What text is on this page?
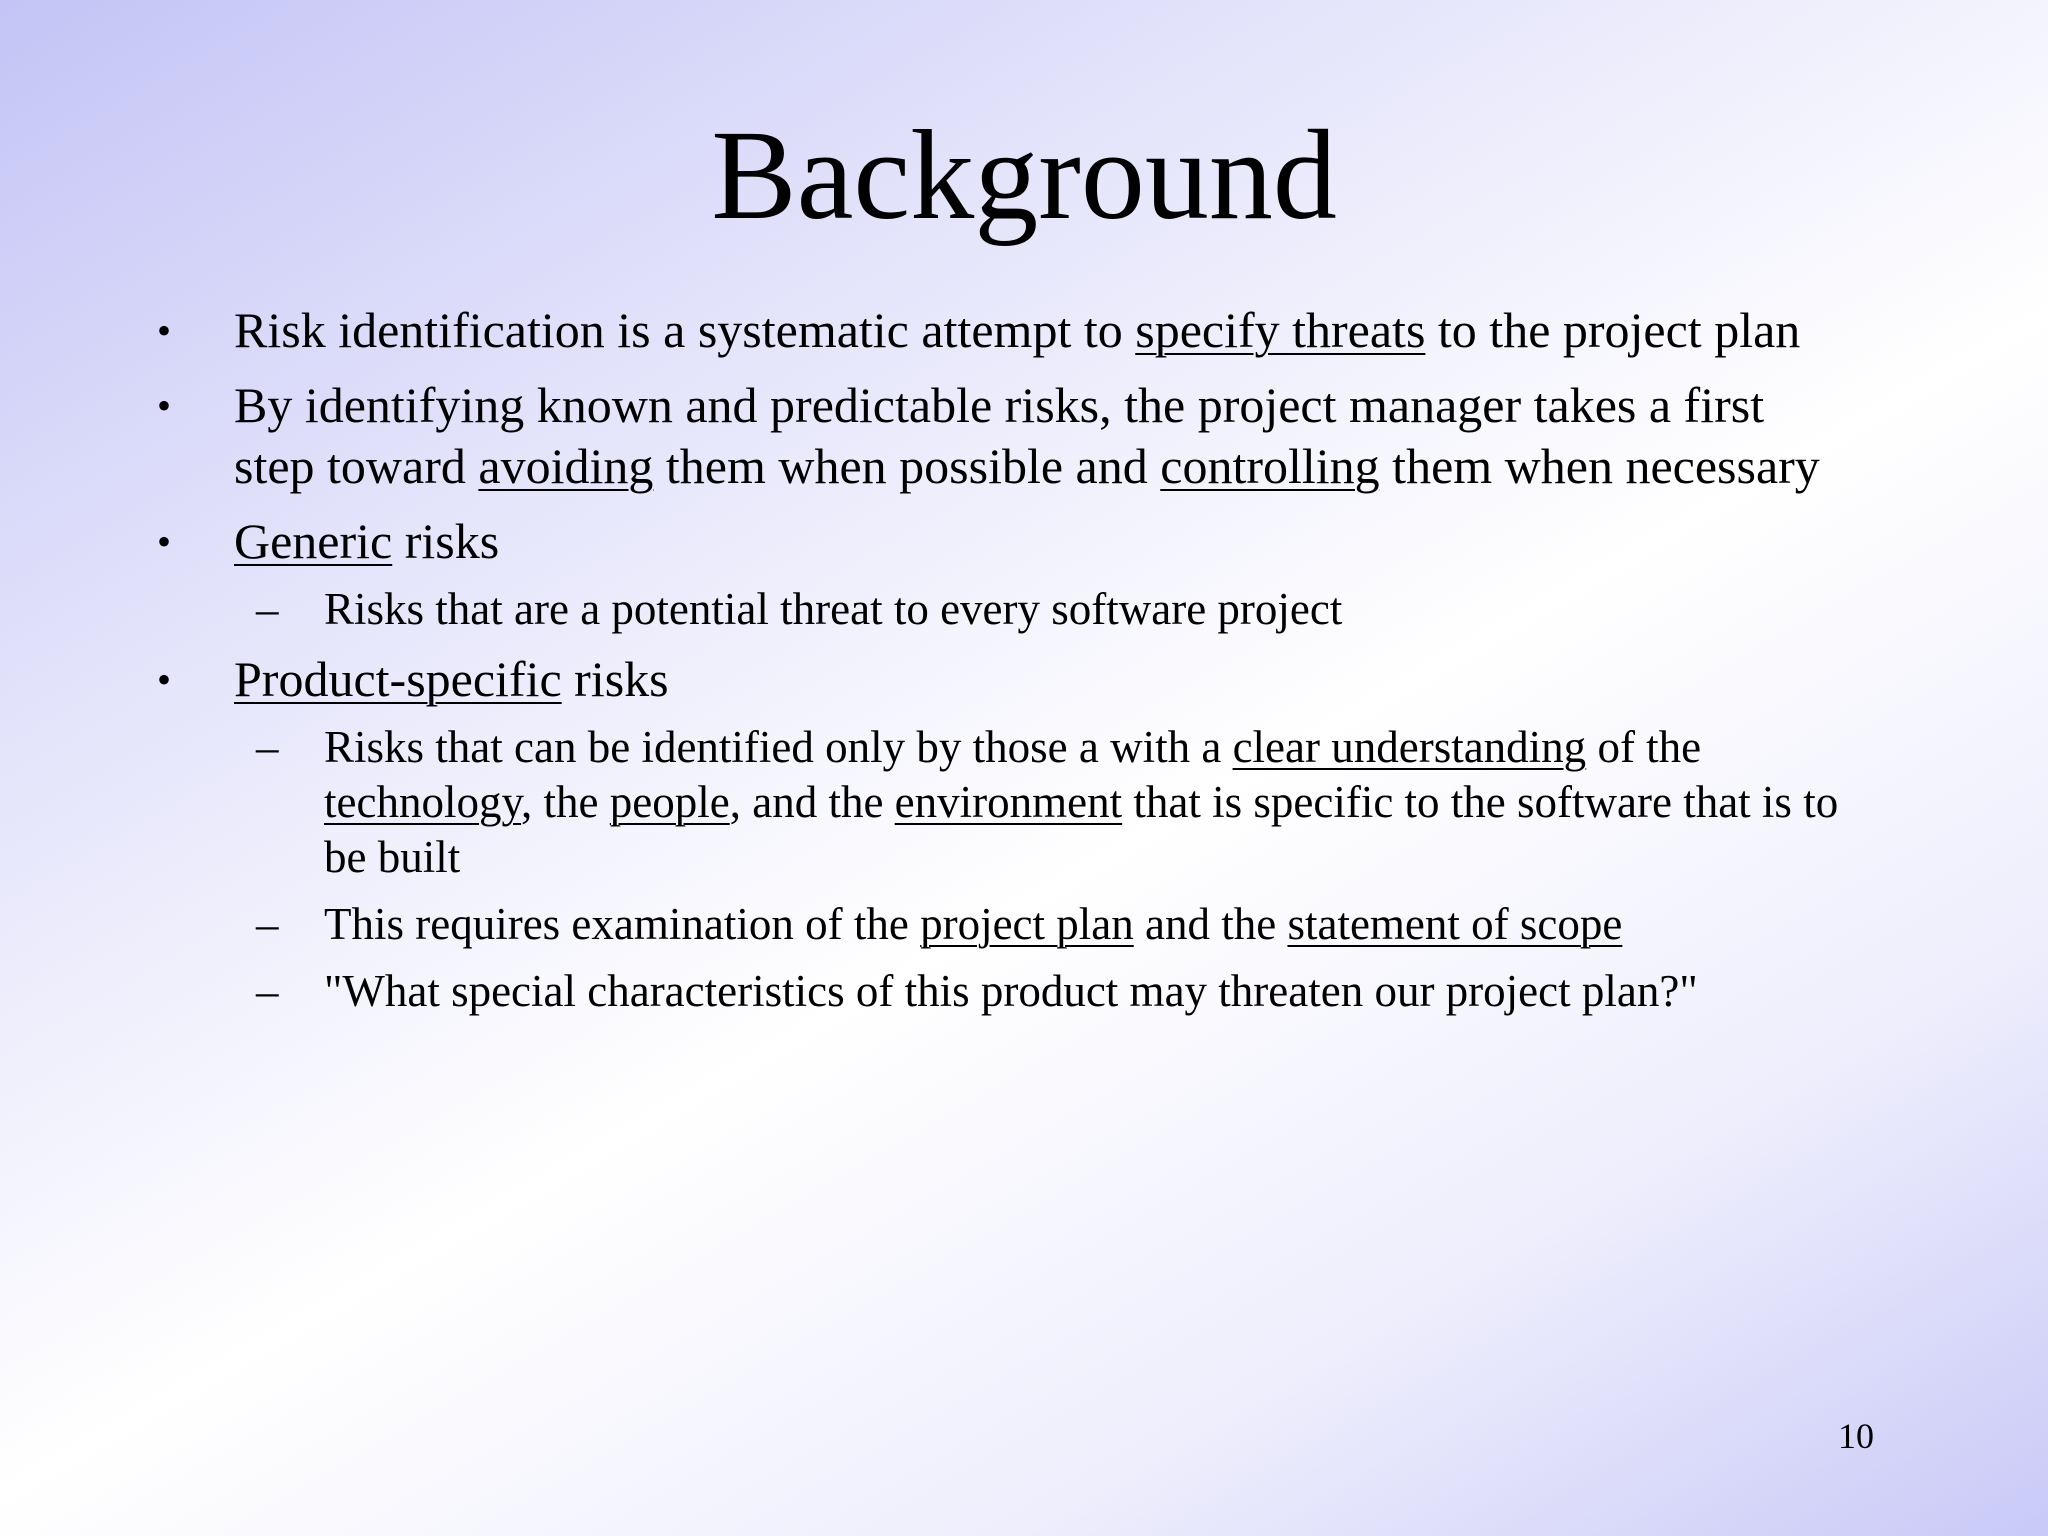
Background
• Risk identification is a systematic attempt to specify threats to the project plan
• By identifying known and predictable risks, the project manager takes a first step toward avoiding them when possible and controlling them when necessary
• Generic risks
– Risks that are a potential threat to every software project
• Product-specific risks
– Risks that can be identified only by those a with a clear understanding of the technology, the people, and the environment that is specific to the software that is to be built
– This requires examination of the project plan and the statement of scope
– "What special characteristics of this product may threaten our project plan?"
10
